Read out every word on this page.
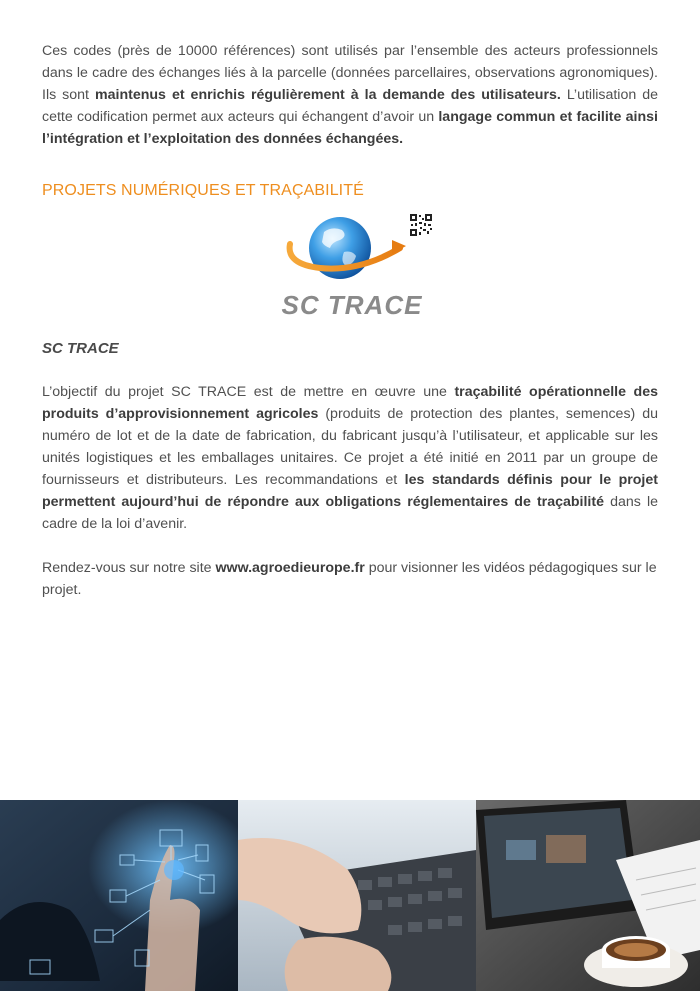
Ces codes (près de 10000 références) sont utilisés par l’ensemble des acteurs professionnels dans le cadre des échanges liés à la parcelle (données parcellaires, observations agronomiques). Ils sont maintenus et enrichis régulièrement à la demande des utilisateurs. L’utilisation de cette codification permet aux acteurs qui échangent d’avoir un langage commun et facilite ainsi l’intégration et l’exploitation des données échangées.

PROJETS NUMÉRIQUES ET TRAÇABILITÉ
SC TRACE
SC TRACE

L’objectif du projet SC TRACE est de mettre en œuvre une traçabilité opérationnelle des produits d’approvisionnement agricoles (produits de protection des plantes, semences) du numéro de lot et de la date de fabrication, du fabricant jusqu’à l’utilisateur, et applicable sur les unités logistiques et les emballages unitaires. Ce projet a été initié en 2011 par un groupe de fournisseurs et distributeurs. Les recommandations et les standards définis pour le projet permettent aujourd’hui de répondre aux obligations réglementaires de traçabilité dans le cadre de la loi d’avenir.

Rendez-vous sur notre site www.agroedieurope.fr pour visionner les vidéos pédagogiques sur le projet.
